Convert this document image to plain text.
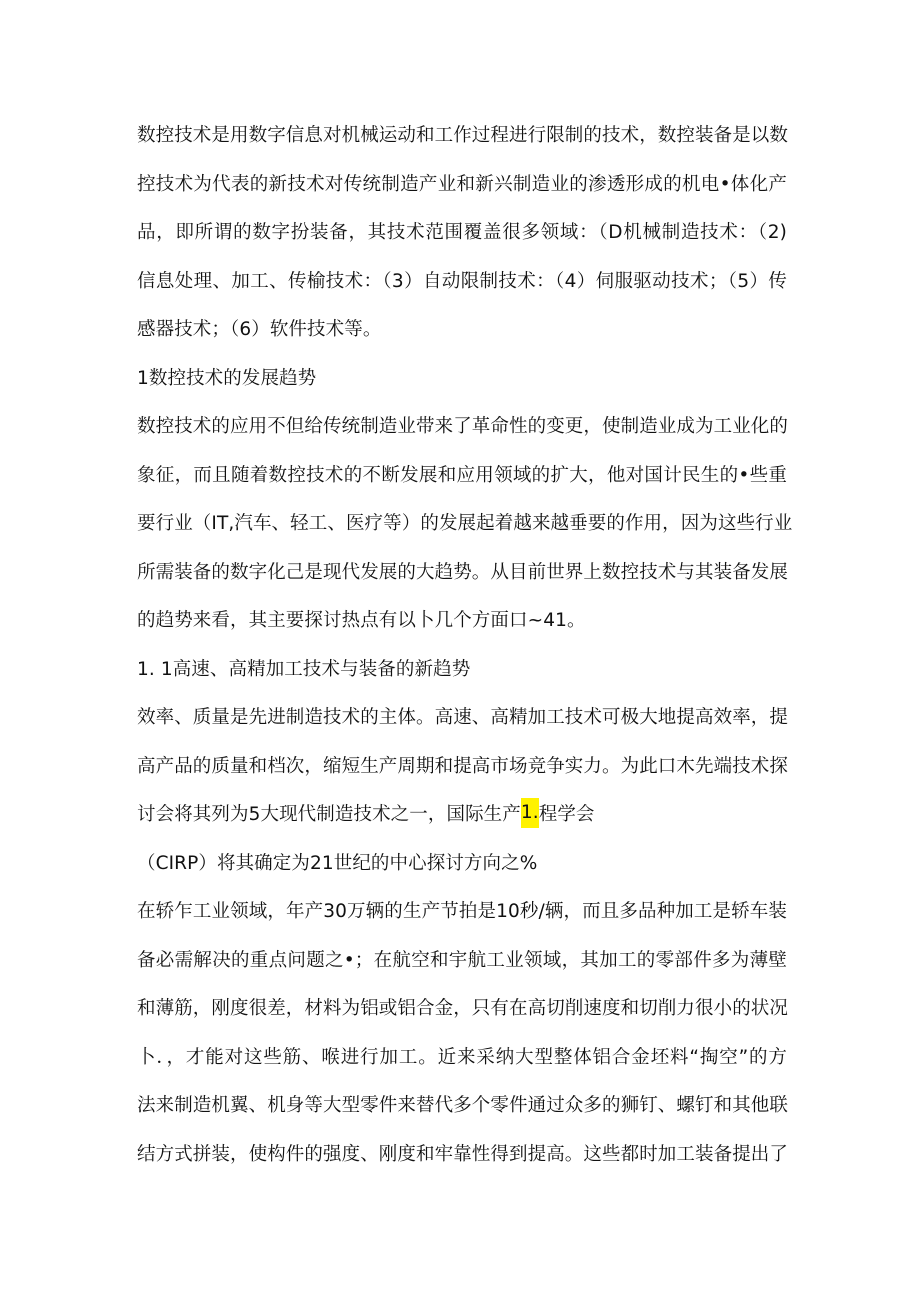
数控技术是用数字信息对机械运动和工作过程进行限制的技术，数控装备是以数
控技术为代表的新技术对传统制造产业和新兴制造业的渗透形成的机电•体化产
品，即所谓的数字扮装备，其技术范围覆盖很多领域：（D机械制造技术：（2)
信息处理、加工、传榆技术：（3）自动限制技术：（4）伺服驱动技术；（5）传
感器技术；（6）软件技术等。
1数控技术的发展趋势
数控技术的应用不但给传统制造业带来了革命性的变更，使制造业成为工业化的
象征，而且随着数控技术的不断发展和应用领域的扩大，他对国计民生的•些重
要行业（IT,汽车、轻工、医疗等）的发展起着越来越垂要的作用，因为这些行业
所需装备的数字化己是现代发展的大趋势。从目前世界上数控技术与其装备发展
的趋势来看，其主要探讨热点有以卜几个方面口~41。
1. 1高速、高精加工技术与装备的新趋势
效率、质量是先进制造技术的主体。高速、高精加工技术可极大地提高效率，提
高产品的质量和档次，缩短生产周期和提高市场竞争实力。为此口木先端技术探
讨会将其列为5大现代制造技术之一，国际生产1.程学会
（CIRP）将其确定为21世纪的中心探讨方向之%
在轿乍工业领域，年产30万辆的生产节拍是10秒/辆，而且多品种加工是轿车装
备必需解决的重点问题之•；在航空和宇航工业领域，其加工的零部件多为薄壁
和薄筋，刚度很差，材料为铝或铝合金，只有在高切削速度和切削力很小的状况
卜．，才能对这些筋、喉进行加工。近来采纳大型整体铝合金坯料“掏空”的方
法来制造机翼、机身等大型零件来替代多个零件通过众多的狮钉、螺钉和其他联
结方式拼装，使构件的强度、刚度和牢靠性得到提高。这些都时加工装备提出了
